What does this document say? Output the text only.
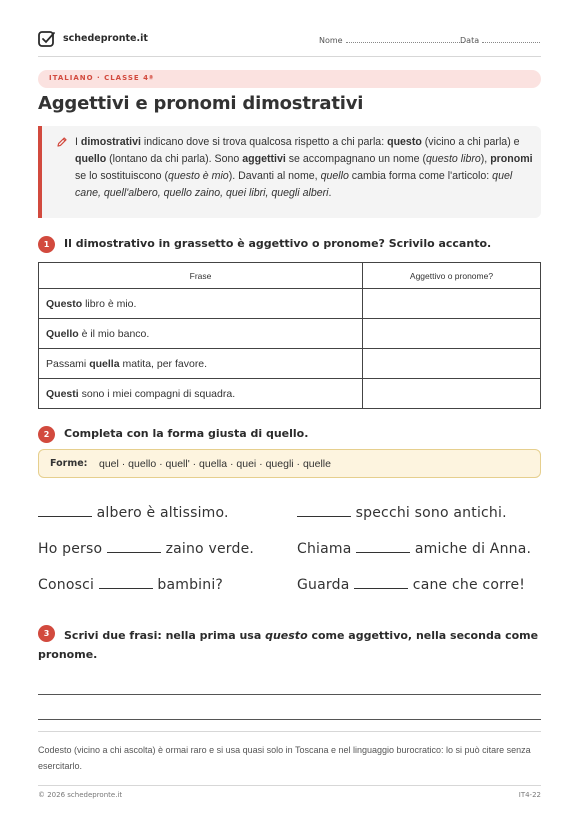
schedepronte.it	Nome	Data
ITALIANO · CLASSE 4ª
Aggettivi e pronomi dimostrativi

I dimostrativi indicano dove si trova qualcosa rispetto a chi parla: questo (vicino a chi parla) e quello (lontano da chi parla). Sono aggettivi se accompagnano un nome (questo libro), pronomi se lo sostituiscono (questo è mio). Davanti al nome, quello cambia forma come l'articolo: quel cane, quell'albero, quello zaino, quei libri, quegli alberi.

1	Il dimostrativo in grassetto è aggettivo o pronome? Scrivilo accanto.
Frase	Aggettivo o pronome?
Questo libro è mio.	
Quello è il mio banco.	
Passami quella matita, per favore.	
Questi sono i miei compagni di squadra.	
2	Completa con la forma giusta di quello.
Forme: quel · quello · quell' · quella · quei · quegli · quelle
albero è altissimo.	specchi sono antichi.
Ho perso	zaino verde.	Chiama	amiche di Anna.
Conosci	bambini?	Guarda	cane che corre!
3	Scrivi due frasi: nella prima usa questo come aggettivo, nella seconda come pronome.
Codesto (vicino a chi ascolta) è ormai raro e si usa quasi solo in Toscana e nel linguaggio burocratico: lo si può citare senza esercitarlo.
© 2026 schedepronte.it	IT4-22
